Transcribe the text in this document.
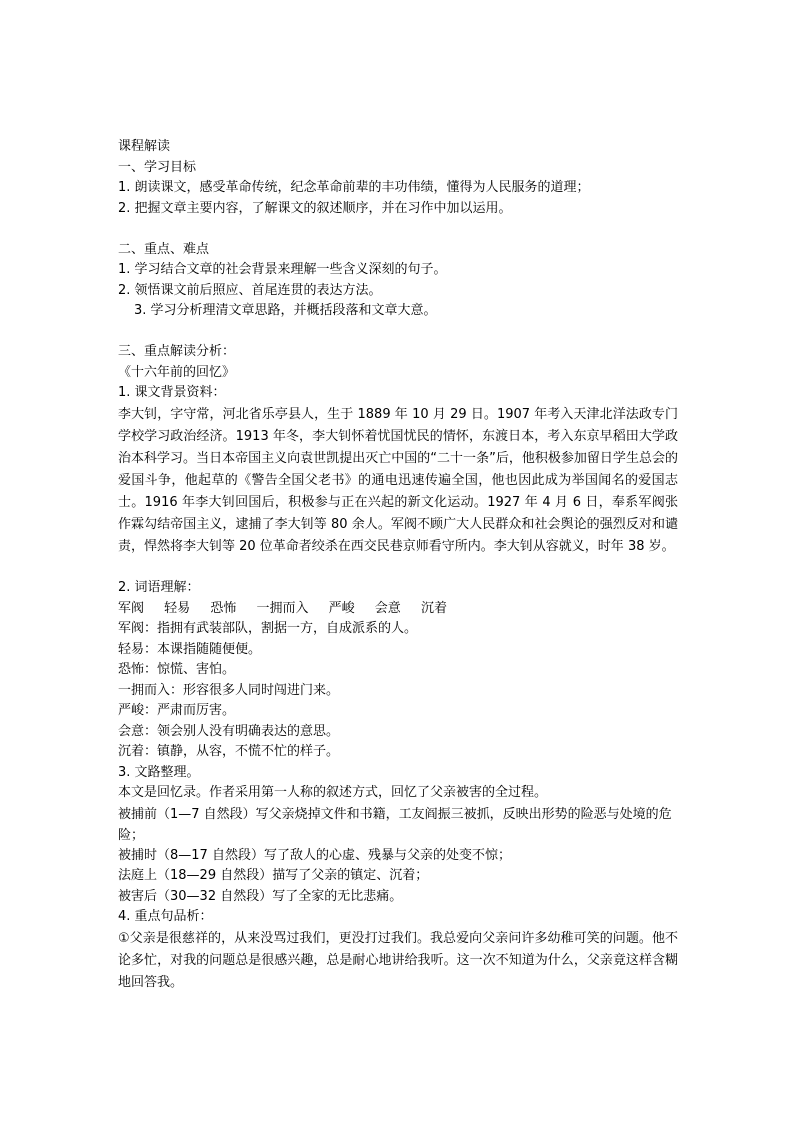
课程解读
一、学习目标
1. 朗读课文，感受革命传统，纪念革命前辈的丰功伟绩，懂得为人民服务的道理；
2. 把握文章主要内容，了解课文的叙述顺序，并在习作中加以运用。
二、重点、难点
1. 学习结合文章的社会背景来理解一些含义深刻的句子。
2. 领悟课文前后照应、首尾连贯的表达方法。
3. 学习分析理清文章思路，并概括段落和文章大意。
三、重点解读分析：
《十六年前的回忆》
1. 课文背景资料：
李大钊，字守常，河北省乐亭县人，生于 1889 年 10 月 29 日。1907 年考入天津北洋法政专门学校学习政治经济。1913 年冬，李大钊怀着忧国忧民的情怀，东渡日本，考入东京早稻田大学政治本科学习。当日本帝国主义向袁世凯提出灭亡中国的“二十一条”后，他积极参加留日学生总会的爱国斗争，他起草的《警告全国父老书》的通电迅速传遍全国，他也因此成为举国闻名的爱国志士。1916 年李大钊回国后，积极参与正在兴起的新文化运动。1927 年 4 月 6 日，奉系军阀张作霖勾结帝国主义，逮捕了李大钊等 80 余人。军阀不顾广大人民群众和社会舆论的强烈反对和谴责，悍然将李大钊等 20 位革命者绞杀在西交民巷京师看守所内。李大钊从容就义，时年 38 岁。
2. 词语理解：
军阀 轻易 恐怖 一拥而入 严峻 会意 沉着
军阀：指拥有武装部队，割据一方，自成派系的人。
轻易：本课指随随便便。
恐怖：惊慌、害怕。
一拥而入：形容很多人同时闯进门来。
严峻：严肃而厉害。
会意：领会别人没有明确表达的意思。
沉着：镇静，从容，不慌不忙的样子。
3. 文路整理。
本文是回忆录。作者采用第一人称的叙述方式，回忆了父亲被害的全过程。
被捕前（1—7 自然段）写父亲烧掉文件和书籍，工友阎振三被抓，反映出形势的险恶与处境的危险；
被捕时（8—17 自然段）写了敌人的心虚、残暴与父亲的处变不惊；
法庭上（18—29 自然段）描写了父亲的镇定、沉着；
被害后（30—32 自然段）写了全家的无比悲痛。
4. 重点句品析：
①父亲是很慈祥的，从来没骂过我们，更没打过我们。我总爱向父亲问许多幼稚可笑的问题。他不论多忙，对我的问题总是很感兴趣，总是耐心地讲给我听。这一次不知道为什么，父亲竟这样含糊地回答我。
